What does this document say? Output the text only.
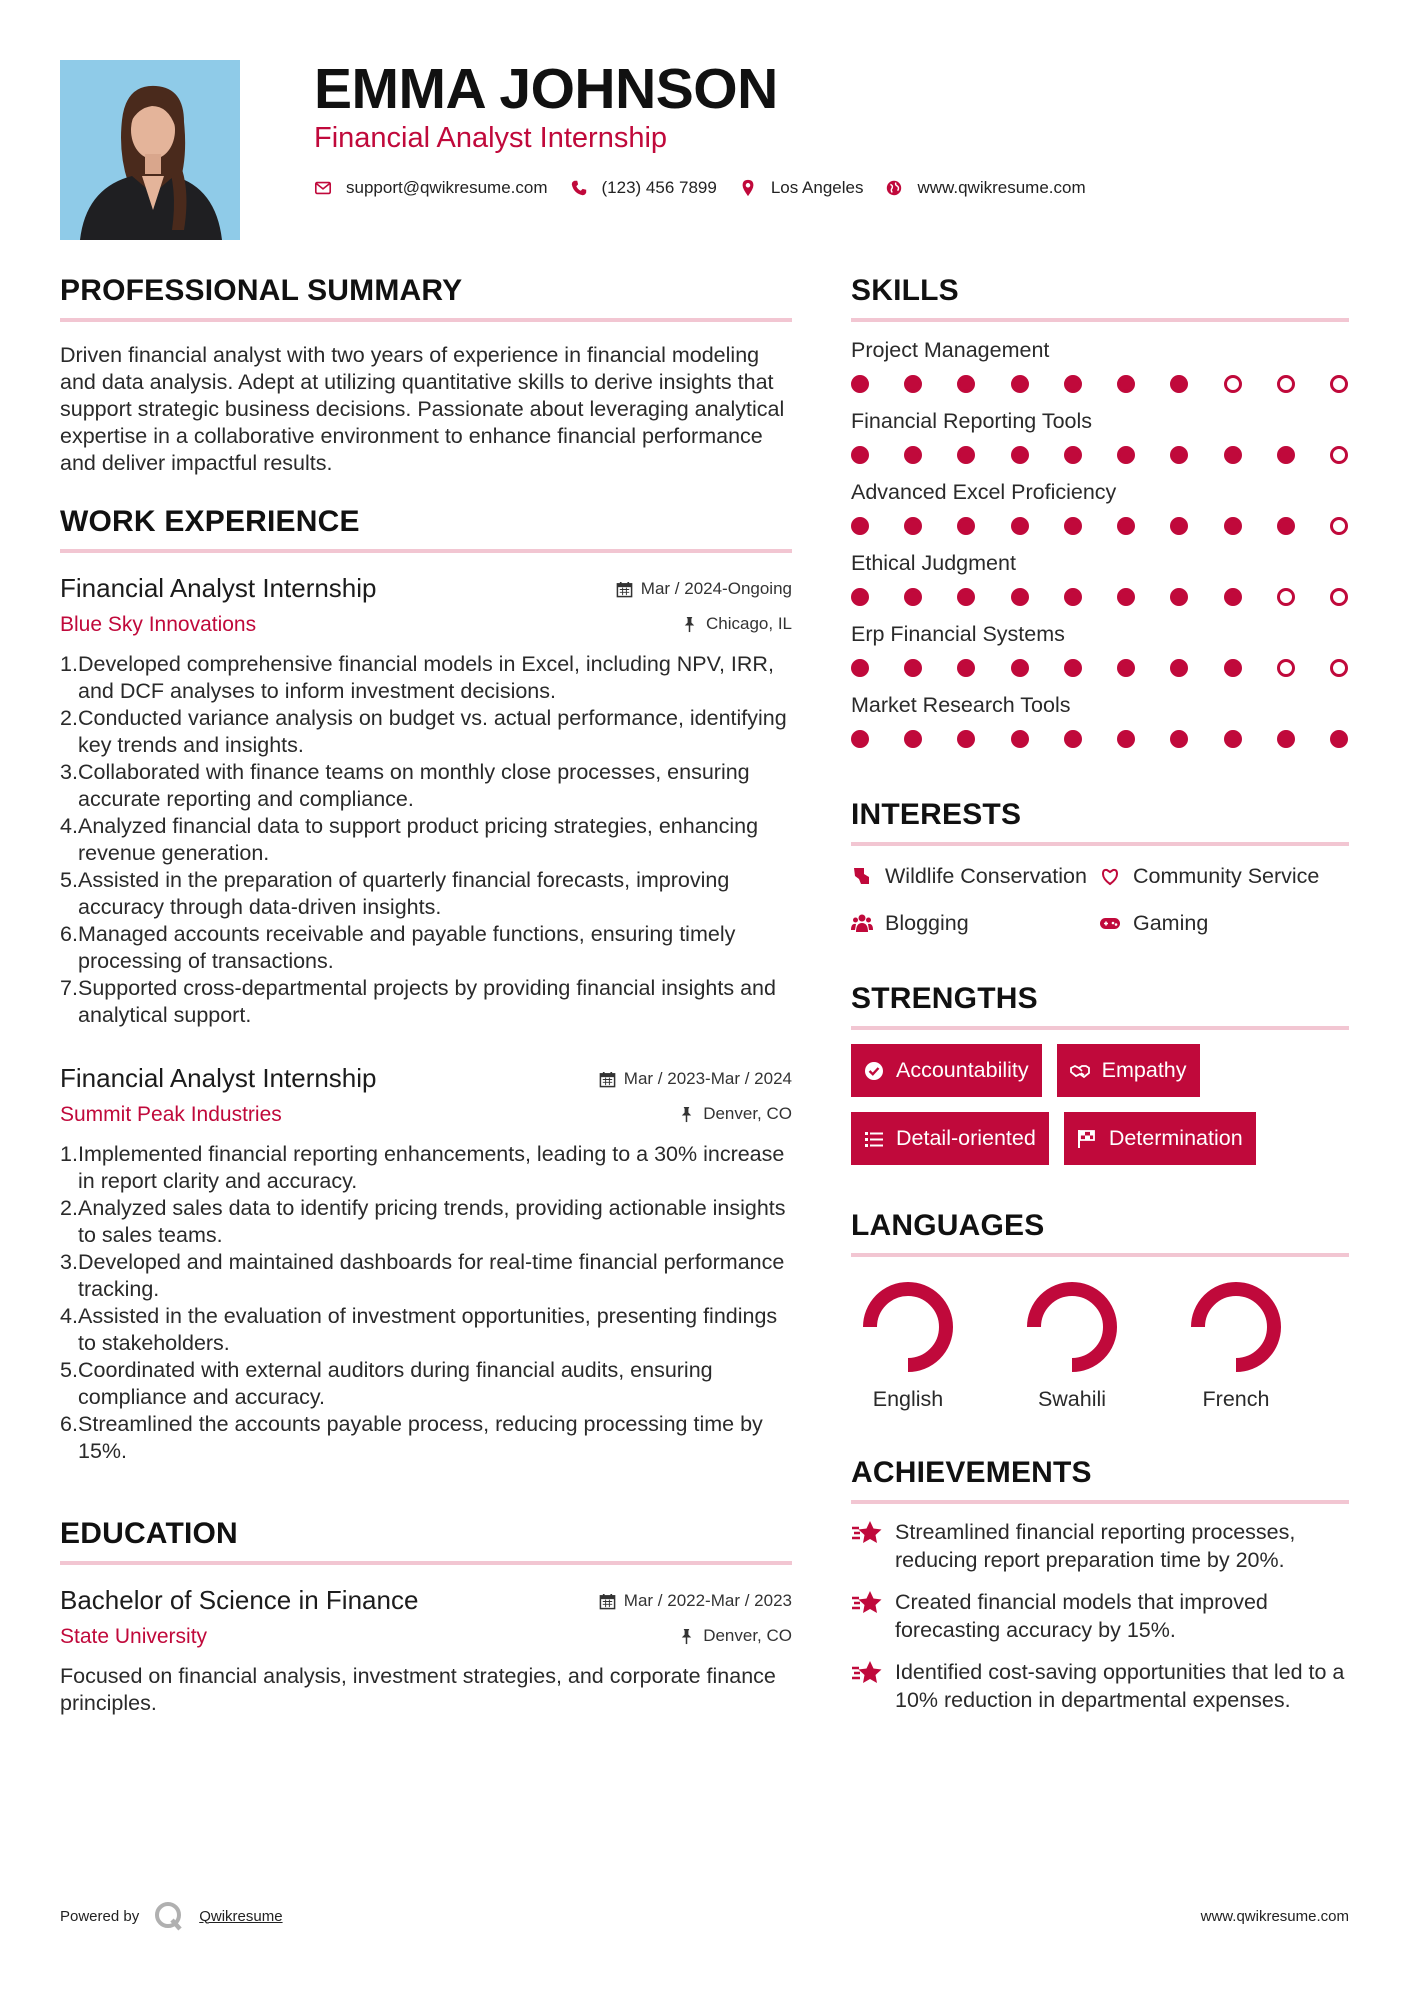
EMMA JOHNSON
Financial Analyst Internship
support@qwikresume.com	(123) 456 7899	Los Angeles	www.qwikresume.com
PROFESSIONAL SUMMARY

Driven financial analyst with two years of experience in financial modeling and data analysis. Adept at utilizing quantitative skills to derive insights that support strategic business decisions. Passionate about leveraging analytical expertise in a collaborative environment to enhance financial performance and deliver impactful results.

WORK EXPERIENCE
Financial Analyst Internship
Blue Sky Innovations
Mar / 2024-Ongoing
Chicago, IL
1. Developed comprehensive financial models in Excel, including NPV, IRR, and DCF analyses to inform investment decisions.
2. Conducted variance analysis on budget vs. actual performance, identifying key trends and insights.
3. Collaborated with finance teams on monthly close processes, ensuring accurate reporting and compliance.
4. Analyzed financial data to support product pricing strategies, enhancing revenue generation.
5. Assisted in the preparation of quarterly financial forecasts, improving accuracy through data-driven insights.
6. Managed accounts receivable and payable functions, ensuring timely processing of transactions.
7. Supported cross-departmental projects by providing financial insights and analytical support.
Financial Analyst Internship
Summit Peak Industries
Mar / 2023-Mar / 2024
Denver, CO
1. Implemented financial reporting enhancements, leading to a 30% increase in report clarity and accuracy.
2. Analyzed sales data to identify pricing trends, providing actionable insights to sales teams.
3. Developed and maintained dashboards for real-time financial performance tracking.
4. Assisted in the evaluation of investment opportunities, presenting findings to stakeholders.
5. Coordinated with external auditors during financial audits, ensuring compliance and accuracy.
6. Streamlined the accounts payable process, reducing processing time by 15%.
EDUCATION
Bachelor of Science in Finance
State University
Mar / 2022-Mar / 2023
Denver, CO

Focused on financial analysis, investment strategies, and corporate finance principles.

SKILLS
Project Management
Financial Reporting Tools
Advanced Excel Proficiency
Ethical Judgment
Erp Financial Systems
Market Research Tools
INTERESTS
Wildlife Conservation Community Service
Blogging	Gaming
STRENGTHS
Accountability	Empathy
Detail-oriented	Determination
LANGUAGES
English	Swahili	French
ACHIEVEMENTS
Streamlined financial reporting processes, reducing report preparation time by 20%.
Created financial models that improved forecasting accuracy by 15%.
Identified cost-saving opportunities that led to a 10% reduction in departmental expenses.
Powered by	Qwikresume	www.qwikresume.com
